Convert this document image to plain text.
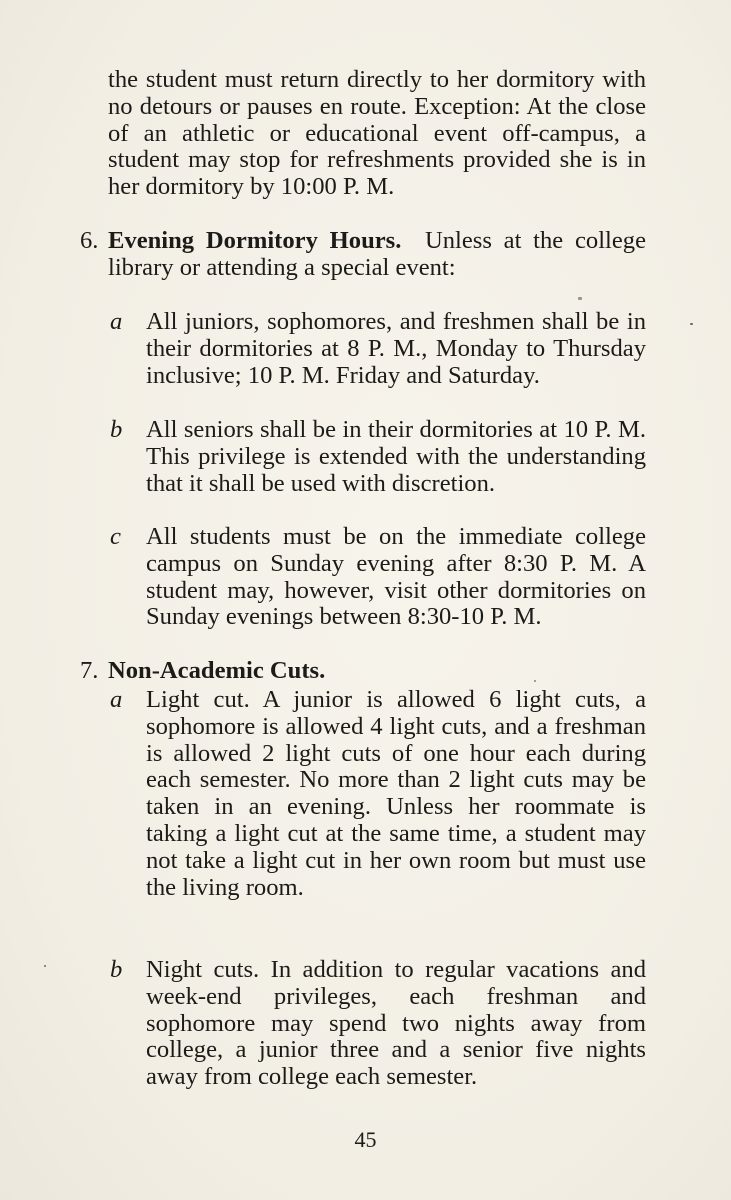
the student must return directly to her dormitory with no detours or pauses en route. Exception: At the close of an athletic or educational event off-campus, a student may stop for refreshments provided she is in her dormitory by 10:00 P. M.

6. Evening Dormitory Hours. Unless at the college library or attending a special event:

a All juniors, sophomores, and freshmen shall be in their dormitories at 8 P. M., Monday to Thursday inclusive; 10 P. M. Friday and Saturday.

b All seniors shall be in their dormitories at 10 P. M. This privilege is extended with the understanding that it shall be used with discretion.

c All students must be on the immediate college campus on Sunday evening after 8:30 P. M. A student may, however, visit other dormitories on Sunday evenings between 8:30-10 P. M.

7. Non-Academic Cuts.

a Light cut. A junior is allowed 6 light cuts, a sophomore is allowed 4 light cuts, and a freshman is allowed 2 light cuts of one hour each during each semester. No more than 2 light cuts may be taken in an evening. Unless her roommate is taking a light cut at the same time, a student may not take a light cut in her own room but must use the living room.

b Night cuts. In addition to regular vacations and week-end privileges, each freshman and sophomore may spend two nights away from college, a junior three and a senior five nights away from college each semester.

45
